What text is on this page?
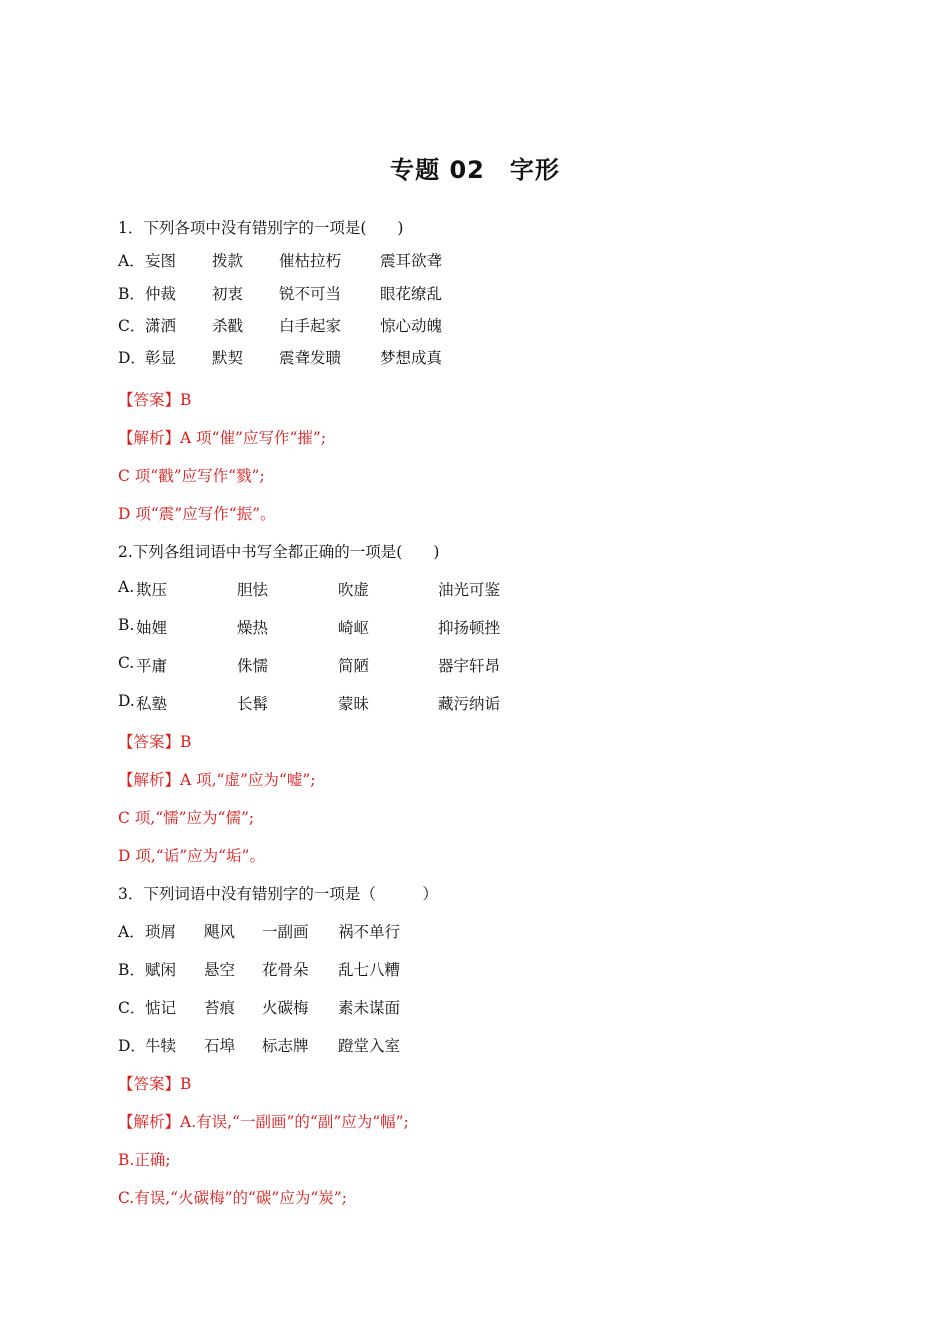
专题 02　字形
1．下列各项中没有错别字的一项是(　　)
A． 妄图 拨款 催枯拉朽	震耳欲聋
B． 仲裁 初衷 锐不可当	眼花缭乱
C． 潇洒 杀戳 白手起家	惊心动魄
D． 彰显 默契 震聋发聩	梦想成真
【答案】B
【解析】A 项“催”应写作“摧”;
C 项“戳”应写作“戮”;
D 项“震”应写作“振”。
2.下列各组词语中书写全都正确的一项是(　　)
A. 欺压	胆怯	吹虚	油光可鉴
B. 妯娌	燥热	崎岖	抑扬顿挫
C. 平庸	侏懦	简陋	器宇轩昂
D. 私塾	长髯	蒙昧	藏污纳诟
【答案】B
【解析】A 项,“虚”应为“嘘”;
C 项,“懦”应为“儒”;
D 项,“诟”应为“垢”。
3．下列词语中没有错别字的一项是（　　　）
A． 琐屑 飓风 一副画 祸不单行
B． 赋闲 悬空 花骨朵 乱七八糟
C． 惦记 苔痕 火碳梅 素未谋面
D． 牛犊 石埠 标志牌 蹬堂入室
【答案】B
【解析】A.有误,“一副画”的“副”应为“幅”;
B.正确;
C.有误,“火碳梅”的“碳”应为“炭”;
